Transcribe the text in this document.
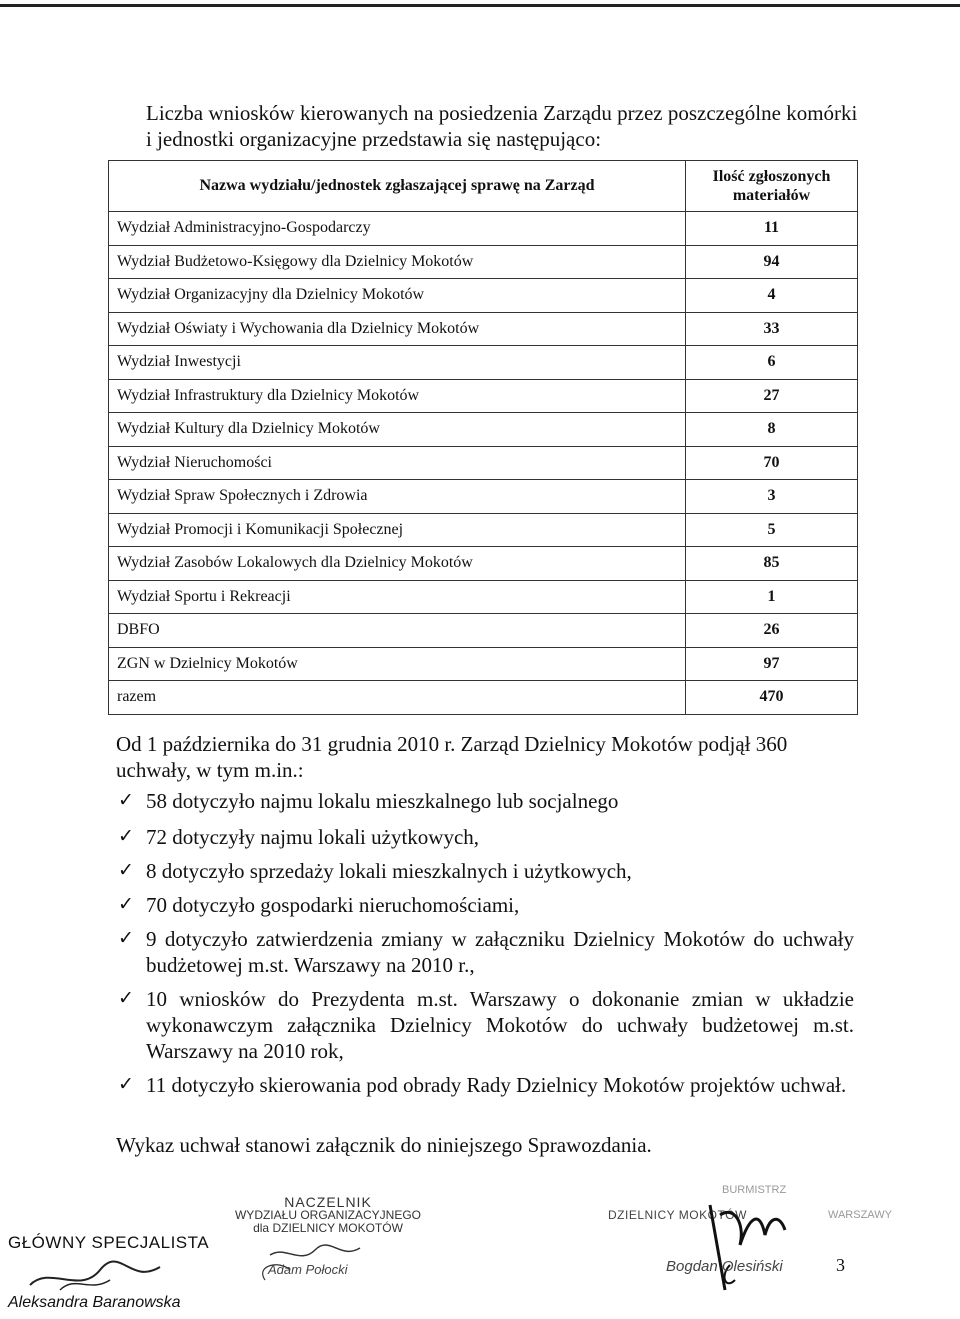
Liczba wniosków kierowanych na posiedzenia Zarządu przez poszczególne komórki i jednostki organizacyjne przedstawia się następująco:
Nazwa wydziału/jednostek zgłaszającej sprawę na Zarząd	Ilość zgłoszonych materiałów
Wydział Administracyjno-Gospodarczy	11
Wydział Budżetowo-Księgowy dla Dzielnicy Mokotów	94
Wydział Organizacyjny dla Dzielnicy Mokotów	4
Wydział Oświaty i Wychowania dla Dzielnicy Mokotów	33
Wydział Inwestycji	6
Wydział Infrastruktury dla Dzielnicy Mokotów	27
Wydział Kultury dla Dzielnicy Mokotów	8
Wydział Nieruchomości	70
Wydział Spraw Społecznych i Zdrowia	3
Wydział Promocji i Komunikacji Społecznej	5
Wydział Zasobów Lokalowych dla Dzielnicy Mokotów	85
Wydział Sportu i Rekreacji	1
DBFO	26
ZGN w Dzielnicy Mokotów	97
razem	470
Od 1 października do 31 grudnia 2010 r. Zarząd Dzielnicy Mokotów podjął 360 uchwały, w tym m.in.:
✓ 58 dotyczyło najmu lokalu mieszkalnego lub socjalnego
✓ 72 dotyczyły najmu lokali użytkowych,
✓ 8 dotyczyło sprzedaży lokali mieszkalnych i użytkowych,
✓ 70 dotyczyło gospodarki nieruchomościami,
✓ 9 dotyczyło zatwierdzenia zmiany w załączniku Dzielnicy Mokotów do uchwały budżetowej m.st. Warszawy na 2010 r.,
✓ 10 wniosków do Prezydenta m.st. Warszawy o dokonanie zmian w układzie wykonawczym załącznika Dzielnicy Mokotów do uchwały budżetowej m.st. Warszawy na 2010 rok,
✓ 11 dotyczyło skierowania pod obrady Rady Dzielnicy Mokotów projektów uchwał.
Wykaz uchwał stanowi załącznik do niniejszego Sprawozdania.
GŁÓWNY SPECJALISTA
Aleksandra Baranowska
NACZELNIK
WYDZIAŁU ORGANIZACYJNEGO
dla DZIELNICY MOKOTÓW
Adam Połocki
BURMISTRZ
DZIELNICY MOKOTÓW	WARSZAWY
Bogdan Olesiński	3
